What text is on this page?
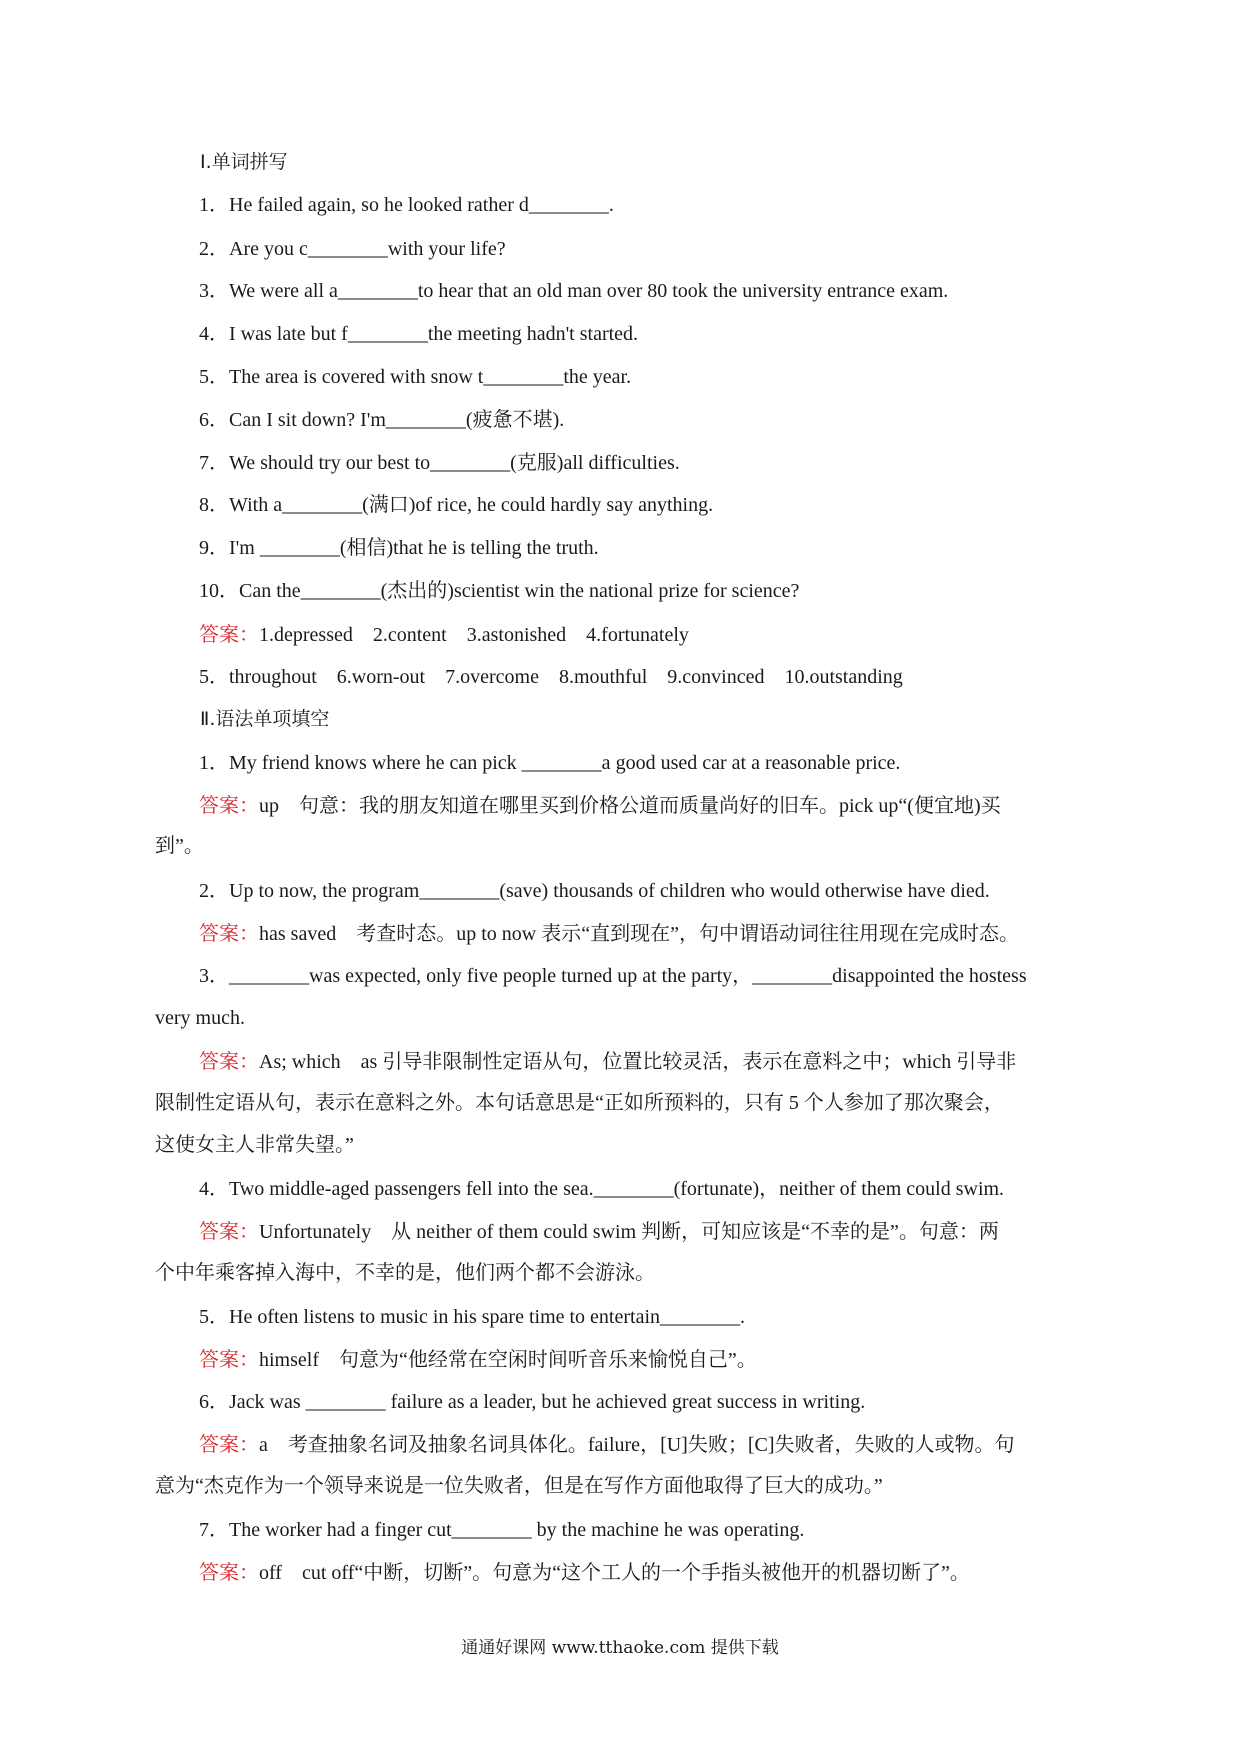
Ⅰ.单词拼写
1．He failed again, so he looked rather d________.
2．Are you c________with your life?
3．We were all a________to hear that an old man over 80 took the university entrance exam.
4．I was late but f________the meeting hadn't started.
5．The area is covered with snow t________the year.
6．Can I sit down? I'm________(疲惫不堪).
7．We should try our best to________(克服)all difficulties.
8．With a________(满口)of rice, he could hardly say anything.
9．I'm ________(相信)that he is telling the truth.
10．Can the________(杰出的)scientist win the national prize for science?
答案：1.depressed　2.content　3.astonished　4.fortunately
5．throughout　6.worn-out　7.overcome　8.mouthful　9.convinced　10.outstanding
Ⅱ.语法单项填空
1．My friend knows where he can pick ________a good used car at a reasonable price.
答案：up　句意：我的朋友知道在哪里买到价格公道而质量尚好的旧车。pick up“(便宜地)买
到”。
2．Up to now, the program________(save) thousands of children who would otherwise have died.
答案：has saved　考查时态。up to now 表示“直到现在”，句中谓语动词往往用现在完成时态。
3．________was expected, only five people turned up at the party，________disappointed the hostess
very much.
答案：As; which　as 引导非限制性定语从句，位置比较灵活，表示在意料之中；which 引导非
限制性定语从句，表示在意料之外。本句话意思是“正如所预料的，只有 5 个人参加了那次聚会，
这使女主人非常失望。”
4．Two middle-aged passengers fell into the sea.________(fortunate)，neither of them could swim.
答案：Unfortunately　从 neither of them could swim 判断，可知应该是“不幸的是”。句意：两
个中年乘客掉入海中，不幸的是，他们两个都不会游泳。
5．He often listens to music in his spare time to entertain________.
答案：himself　句意为“他经常在空闲时间听音乐来愉悦自己”。
6．Jack was ________ failure as a leader, but he achieved great success in writing.
答案：a　考查抽象名词及抽象名词具体化。failure，[U]失败；[C]失败者，失败的人或物。句
意为“杰克作为一个领导来说是一位失败者，但是在写作方面他取得了巨大的成功。”
7．The worker had a finger cut________ by the machine he was operating.
答案：off　cut off“中断，切断”。句意为“这个工人的一个手指头被他开的机器切断了”。
通通好课网 www.tthaoke.com 提供下载
